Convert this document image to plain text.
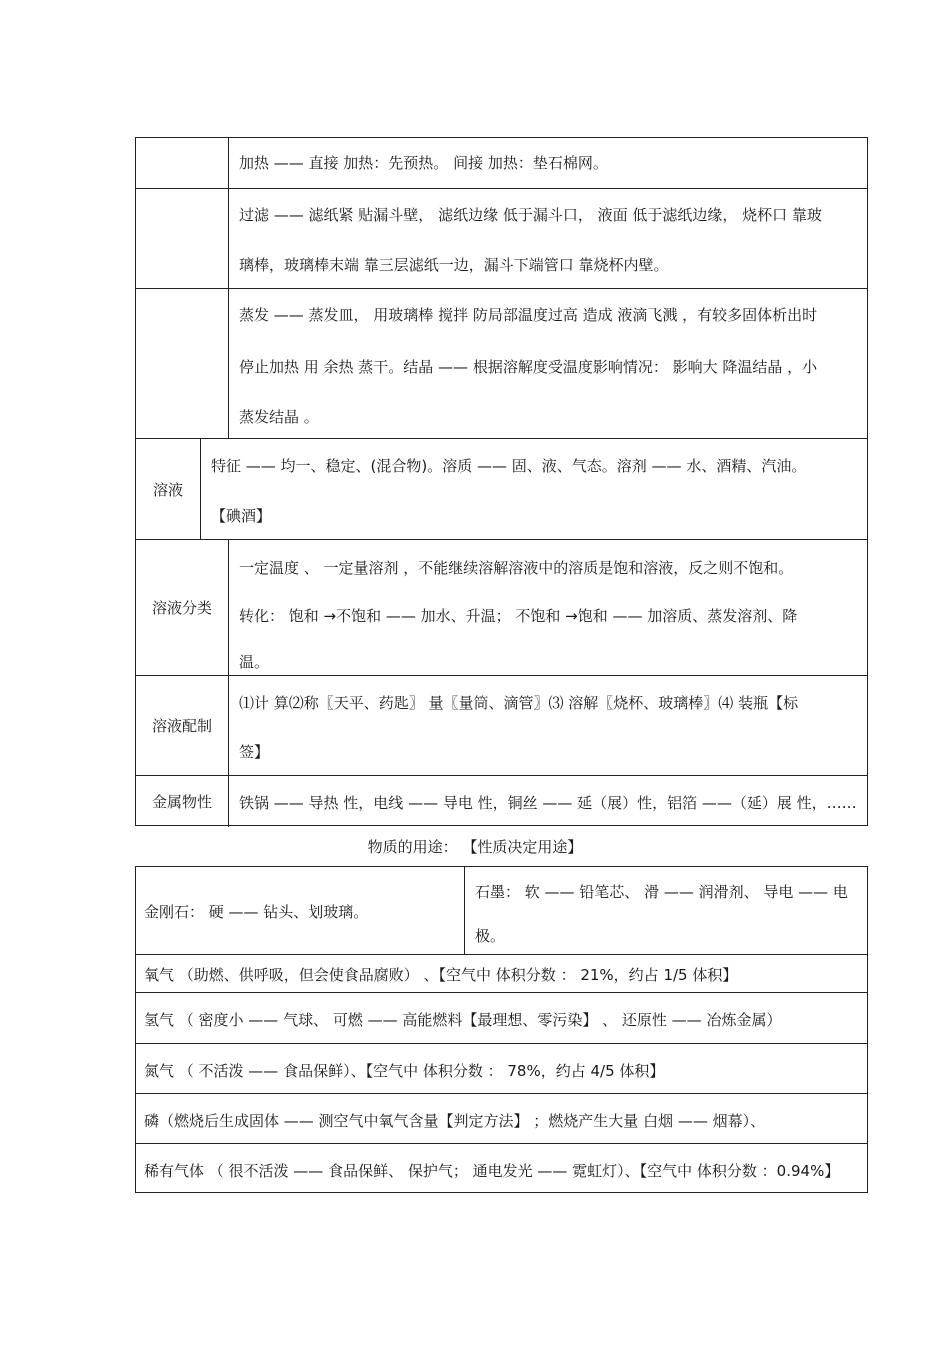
加热 —— 直接 加热：先预热。 间接 加热：垫石棉网。
过滤 —— 滤纸紧 贴漏斗壁， 滤纸边缘 低于漏斗口， 液面 低于滤纸边缘， 烧杯口 靠玻
璃棒，玻璃棒末端 靠三层滤纸一边，漏斗下端管口 靠烧杯内壁。
蒸发 —— 蒸发皿， 用玻璃棒 搅拌 防局部温度过高 造成 液滴飞溅 ，有较多固体析出时
停止加热 用 余热 蒸干。结晶 —— 根据溶解度受温度影响情况： 影响大 降温结晶 ，小
蒸发结晶 。
溶液
特征 —— 均一、稳定、(混合物)。溶质 —— 固、液、气态。溶剂 —— 水、酒精、汽油。
【碘酒】
溶液分类
一定温度 、 一定量溶剂 ，不能继续溶解溶液中的溶质是饱和溶液，反之则不饱和。
转化： 饱和 →不饱和 —— 加水、升温； 不饱和 →饱和 —— 加溶质、蒸发溶剂、降
温。
溶液配制
⑴计 算⑵称〖天平、药匙〗 量〖量筒、滴管〗⑶ 溶解〖烧杯、玻璃棒〗⑷ 装瓶【标
签】
金属物性	铁锅 —— 导热 性，电线 —— 导电 性，铜丝 —— 延（展）性，铝箔 ——（延）展 性，……
物质的用途： 【性质决定用途】
金刚石： 硬 —— 钻头、划玻璃。
石墨： 软 —— 铅笔芯、 滑 —— 润滑剂、 导电 —— 电
极。
氧气 （助燃、供呼吸，但会使食品腐败） 、【空气中 体积分数 ： 21%，约占 1/5 体积】
氢气 （ 密度小 —— 气球、 可燃 —— 高能燃料【最理想、零污染】 、 还原性 —— 冶炼金属）
氮气 （ 不活泼 —— 食品保鲜）、【空气中 体积分数 ： 78%，约占 4/5 体积】
磷（燃烧后生成固体 —— 测空气中氧气含量【判定方法】 ；燃烧产生大量 白烟 —— 烟幕）、
稀有气体 （ 很不活泼 —— 食品保鲜、 保护气； 通电发光 —— 霓虹灯）、【空气中 体积分数 ：0.94%】
